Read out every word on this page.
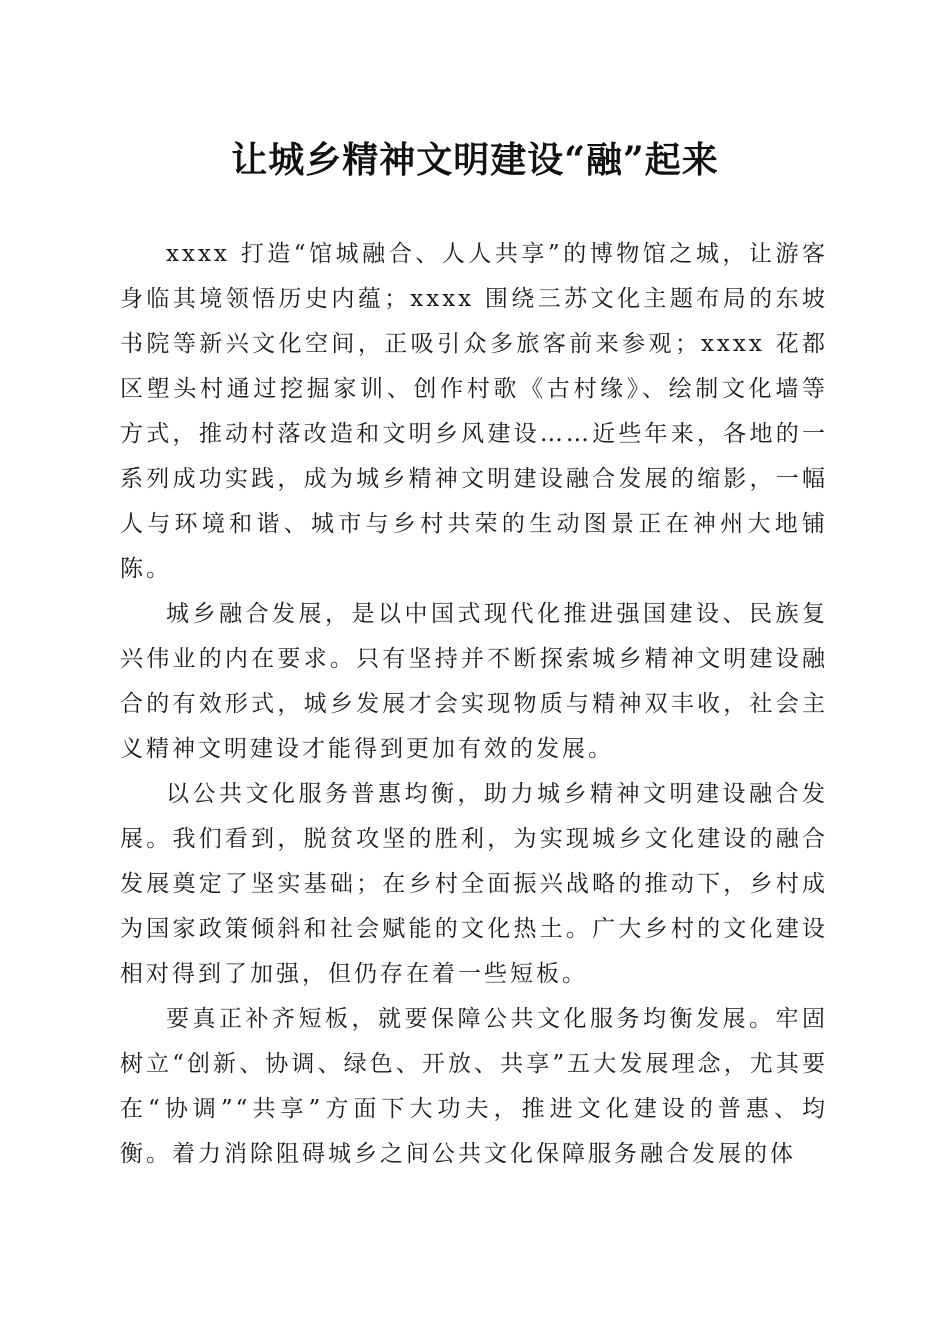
让城乡精神文明建设“融”起来

xxxx 打造“馆城融合、人人共享”的博物馆之城，让游客身临其境领悟历史内蕴；xxxx 围绕三苏文化主题布局的东坡书院等新兴文化空间，正吸引众多旅客前来参观；xxxx 花都区塱头村通过挖掘家训、创作村歌《古村缘》、绘制文化墙等方式，推动村落改造和文明乡风建设……近些年来，各地的一系列成功实践，成为城乡精神文明建设融合发展的缩影，一幅人与环境和谐、城市与乡村共荣的生动图景正在神州大地铺陈。

城乡融合发展，是以中国式现代化推进强国建设、民族复兴伟业的内在要求。只有坚持并不断探索城乡精神文明建设融合的有效形式，城乡发展才会实现物质与精神双丰收，社会主义精神文明建设才能得到更加有效的发展。

以公共文化服务普惠均衡，助力城乡精神文明建设融合发展。我们看到，脱贫攻坚的胜利，为实现城乡文化建设的融合发展奠定了坚实基础；在乡村全面振兴战略的推动下，乡村成为国家政策倾斜和社会赋能的文化热土。广大乡村的文化建设相对得到了加强，但仍存在着一些短板。

要真正补齐短板，就要保障公共文化服务均衡发展。牢固树立“创新、协调、绿色、开放、共享”五大发展理念，尤其要在“协调”“共享”方面下大功夫，推进文化建设的普惠、均衡。着力消除阻碍城乡之间公共文化保障服务融合发展的体
